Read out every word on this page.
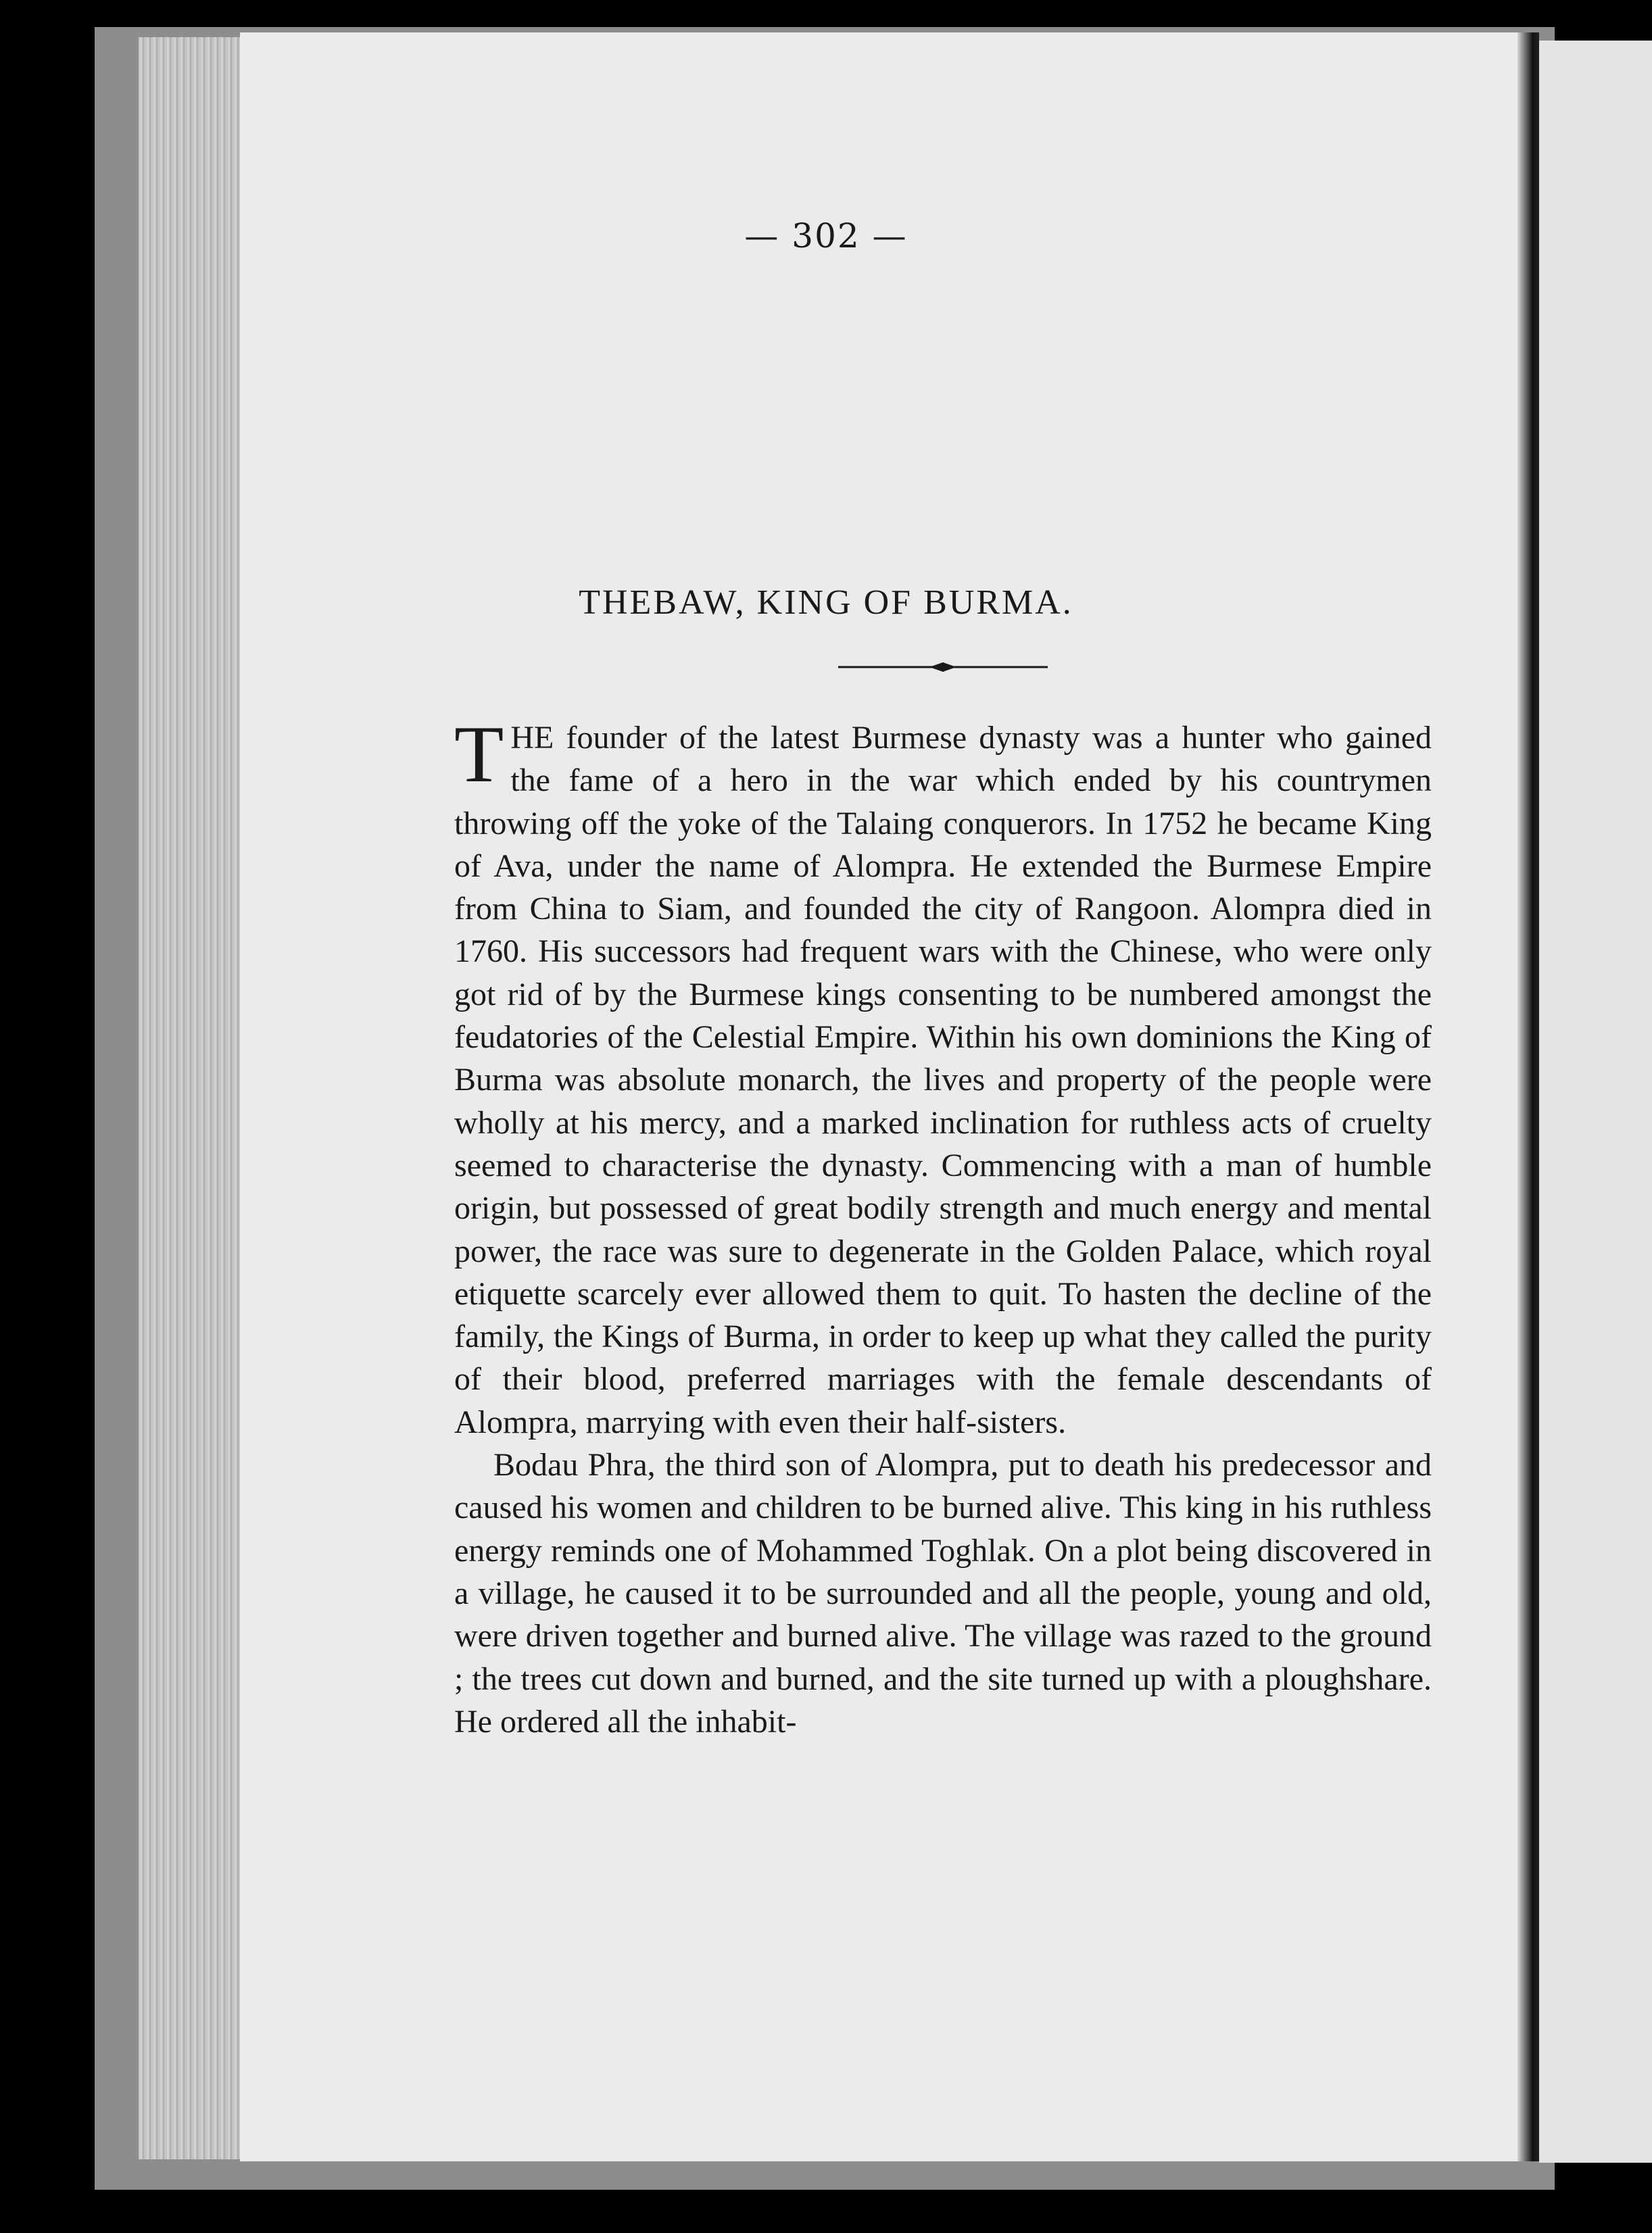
— 302 —
THEBAW, KING OF BURMA.

THE founder of the latest Burmese dynasty was a hunter who gained the fame of a hero in the war which ended by his countrymen throwing off the yoke of the Talaing conquerors. In 1752 he became King of Ava, under the name of Alompra. He extended the Burmese Empire from China to Siam, and founded the city of Rangoon. Alompra died in 1760. His successors had frequent wars with the Chinese, who were only got rid of by the Burmese kings consenting to be numbered amongst the feudatories of the Celestial Empire. Within his own dominions the King of Burma was absolute monarch, the lives and property of the people were wholly at his mercy, and a marked inclination for ruthless acts of cruelty seemed to characterise the dynasty. Commencing with a man of humble origin, but possessed of great bodily strength and much energy and mental power, the race was sure to degenerate in the Golden Palace, which royal etiquette scarcely ever allowed them to quit. To hasten the decline of the family, the Kings of Burma, in order to keep up what they called the purity of their blood, preferred marriages with the female descendants of Alompra, marrying with even their half-sisters.

Bodau Phra, the third son of Alompra, put to death his predecessor and caused his women and children to be burned alive. This king in his ruthless energy reminds one of Mohammed Toghlak. On a plot being discovered in a village, he caused it to be surrounded and all the people, young and old, were driven together and burned alive. The village was razed to the ground ; the trees cut down and burned, and the site turned up with a ploughshare. He ordered all the inhabit-
